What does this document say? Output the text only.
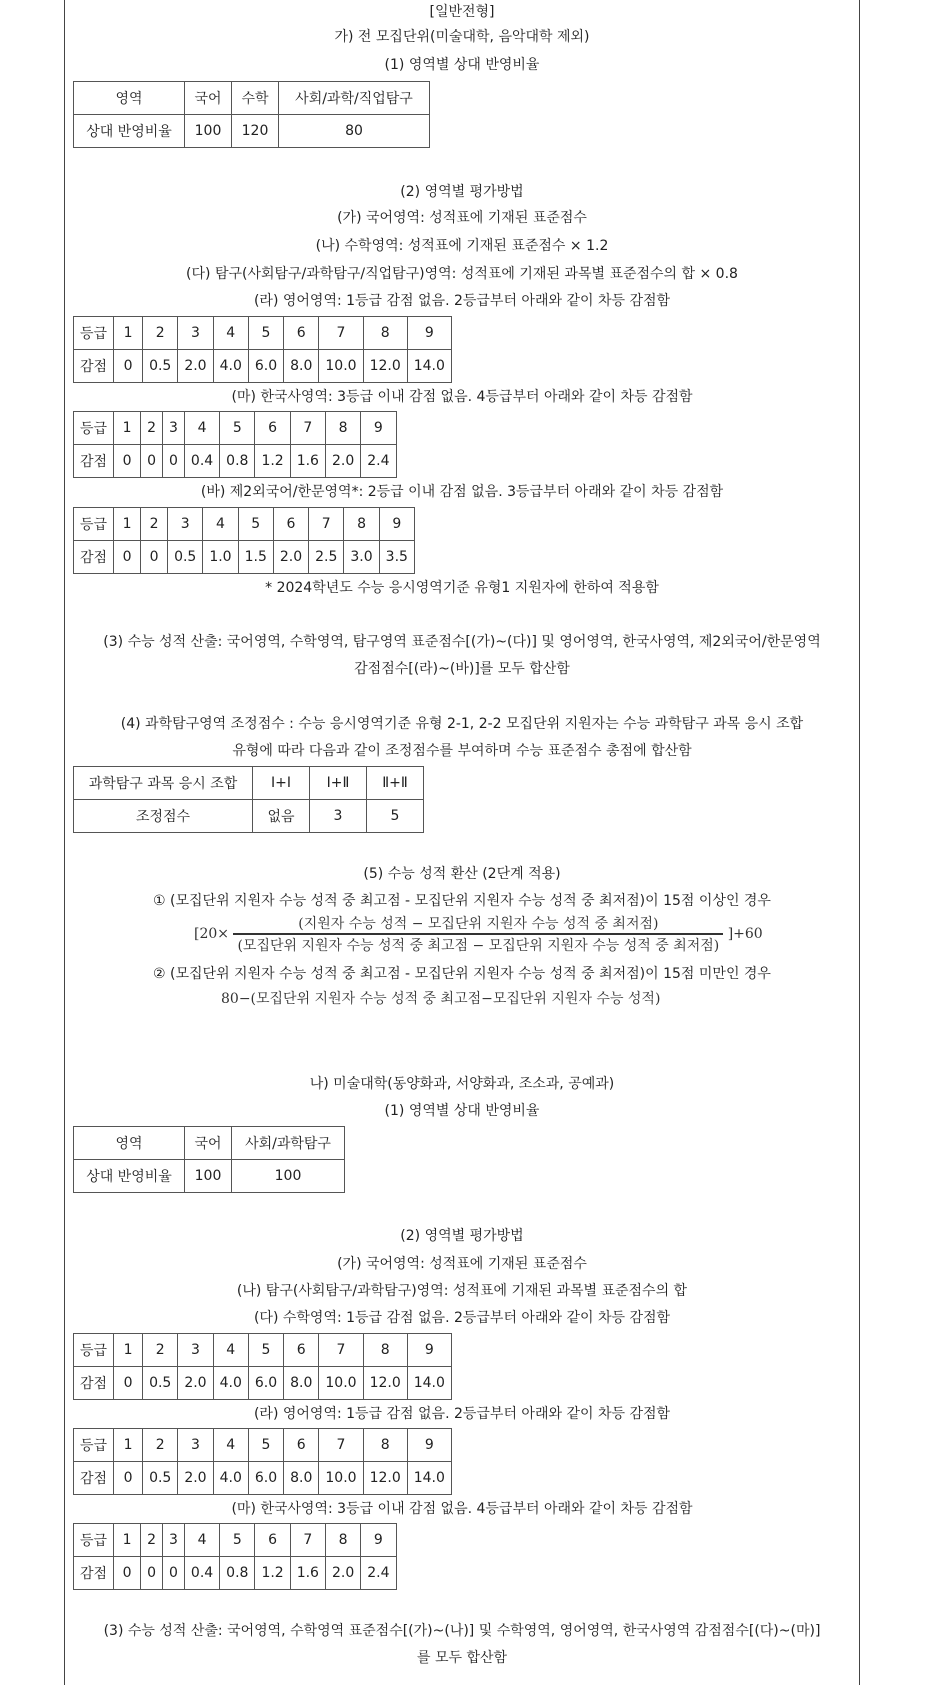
[일반전형]
가) 전 모집단위(미술대학, 음악대학 제외)
(1) 영역별 상대 반영비율
영역	국어	수학	사회/과학/직업탐구
상대 반영비율	100	120	80
(2) 영역별 평가방법
(가) 국어영역: 성적표에 기재된 표준점수
(나) 수학영역: 성적표에 기재된 표준점수 × 1.2
(다) 탐구(사회탐구/과학탐구/직업탐구)영역: 성적표에 기재된 과목별 표준점수의 합 × 0.8
(라) 영어영역: 1등급 감점 없음. 2등급부터 아래와 같이 차등 감점함
등급	1	2	3	4	5	6	7	8	9
감점	0	0.5	2.0	4.0	6.0	8.0	10.0	12.0	14.0
(마) 한국사영역: 3등급 이내 감점 없음. 4등급부터 아래와 같이 차등 감점함
등급	1	2	3	4	5	6	7	8	9
감점	0	0	0	0.4	0.8	1.2	1.6	2.0	2.4
(바) 제2외국어/한문영역*: 2등급 이내 감점 없음. 3등급부터 아래와 같이 차등 감점함
등급	1	2	3	4	5	6	7	8	9
감점	0	0	0.5	1.0	1.5	2.0	2.5	3.0	3.5
* 2024학년도 수능 응시영역기준 유형1 지원자에 한하여 적용함
(3) 수능 성적 산출: 국어영역, 수학영역, 탐구영역 표준점수[(가)~(다)] 및 영어영역, 한국사영역, 제2외국어/한문영역
감점점수[(라)~(바)]를 모두 합산함
(4) 과학탐구영역 조정점수 : 수능 응시영역기준 유형 2-1, 2-2 모집단위 지원자는 수능 과학탐구 과목 응시 조합
유형에 따라 다음과 같이 조정점수를 부여하며 수능 표준점수 총점에 합산함
과학탐구 과목 응시 조합	Ⅰ+Ⅰ	Ⅰ+Ⅱ	Ⅱ+Ⅱ
조정점수	없음	3	5
(5) 수능 성적 환산 (2단계 적용)
① (모집단위 지원자 수능 성적 중 최고점 - 모집단위 지원자 수능 성적 중 최저점)이 15점 이상인 경우
$[20\times \frac{\text{(지원자 수능 성적 − 모집단위 지원자 수능 성적 중 최저점)}}{\text{(모집단위 지원자 수능 성적 중 최고점 − 모집단위 지원자 수능 성적 중 최저점)}} ]+60$
② (모집단위 지원자 수능 성적 중 최고점 - 모집단위 지원자 수능 성적 중 최저점)이 15점 미만인 경우
80−(모집단위 지원자 수능 성적 중 최고점−모집단위 지원자 수능 성적)
나) 미술대학(동양화과, 서양화과, 조소과, 공예과)
(1) 영역별 상대 반영비율
영역	국어	사회/과학탐구
상대 반영비율	100	100
(2) 영역별 평가방법
(가) 국어영역: 성적표에 기재된 표준점수
(나) 탐구(사회탐구/과학탐구)영역: 성적표에 기재된 과목별 표준점수의 합
(다) 수학영역: 1등급 감점 없음. 2등급부터 아래와 같이 차등 감점함
등급	1	2	3	4	5	6	7	8	9
감점	0	0.5	2.0	4.0	6.0	8.0	10.0	12.0	14.0
(라) 영어영역: 1등급 감점 없음. 2등급부터 아래와 같이 차등 감점함
등급	1	2	3	4	5	6	7	8	9
감점	0	0.5	2.0	4.0	6.0	8.0	10.0	12.0	14.0
(마) 한국사영역: 3등급 이내 감점 없음. 4등급부터 아래와 같이 차등 감점함
등급	1	2	3	4	5	6	7	8	9
감점	0	0	0	0.4	0.8	1.2	1.6	2.0	2.4
(3) 수능 성적 산출: 국어영역, 수학영역 표준점수[(가)~(나)] 및 수학영역, 영어영역, 한국사영역 감점점수[(다)~(마)]
를 모두 합산함
